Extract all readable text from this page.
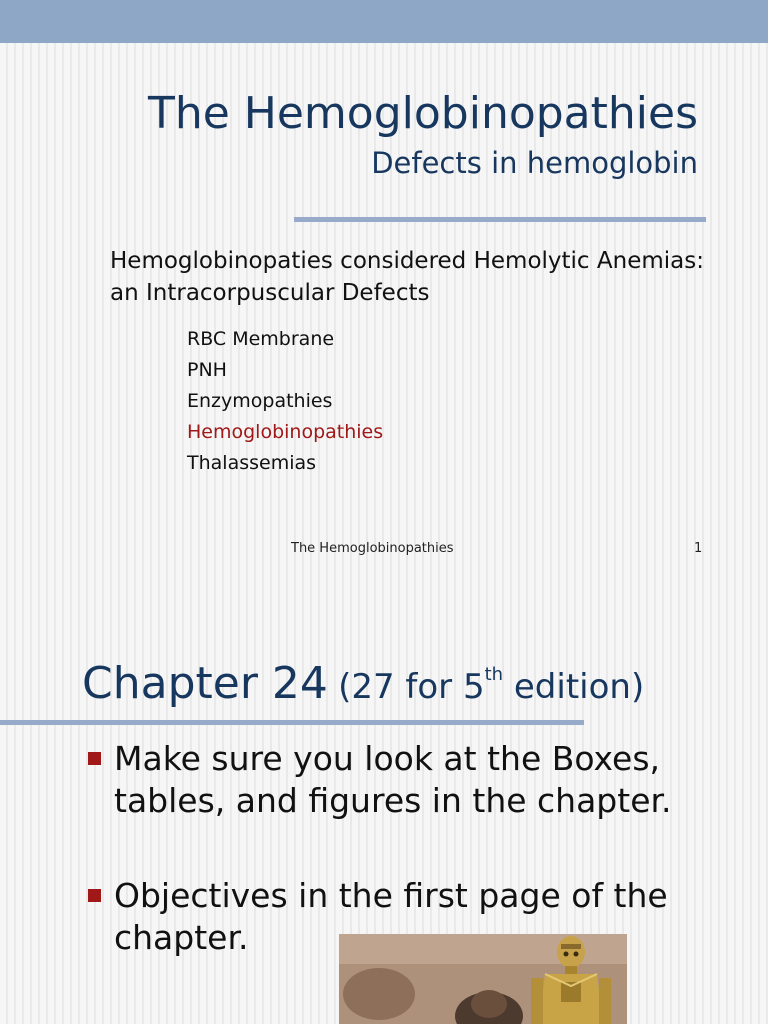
The Hemoglobinopathies
Defects in hemoglobin
Hemoglobinopaties considered Hemolytic Anemias: an Intracorpuscular Defects
RBC Membrane
PNH
Enzymopathies
Hemoglobinopathies
Thalassemias
The Hemoglobinopathies	1
Chapter 24 (27 for 5th edition)
Make sure you look at the Boxes, tables, and figures in the chapter.
Objectives in the first page of the chapter.
